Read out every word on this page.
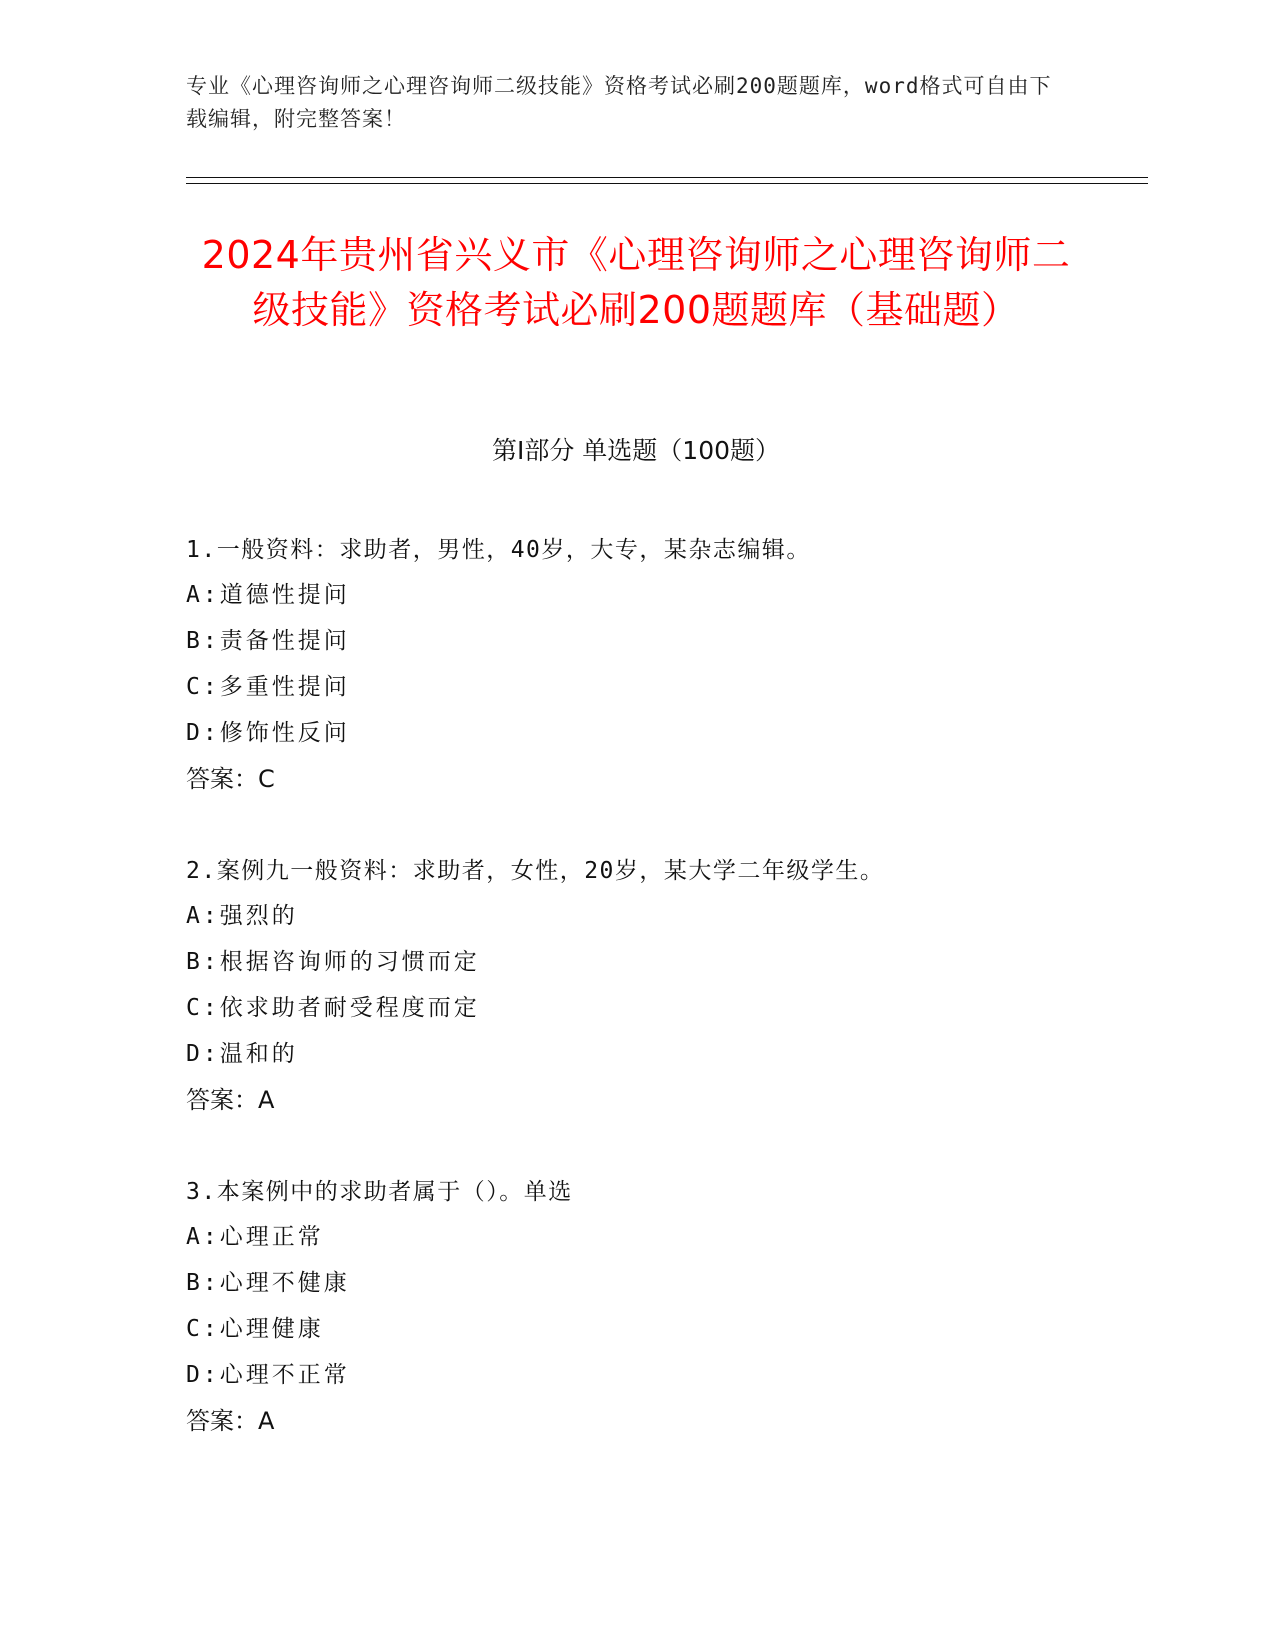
专业《心理咨询师之心理咨询师二级技能》资格考试必刷200题题库，word格式可自由下载编辑，附完整答案！
2024年贵州省兴义市《心理咨询师之心理咨询师二级技能》资格考试必刷200题题库（基础题）
第I部分 单选题（100题）
1.一般资料：求助者，男性，40岁，大专，某杂志编辑。
A:道德性提问
B:责备性提问
C:多重性提问
D:修饰性反问
答案：C
2.案例九一般资料：求助者，女性，20岁，某大学二年级学生。
A:强烈的
B:根据咨询师的习惯而定
C:依求助者耐受程度而定
D:温和的
答案：A
3.本案例中的求助者属于（）。单选
A:心理正常
B:心理不健康
C:心理健康
D:心理不正常
答案：A
